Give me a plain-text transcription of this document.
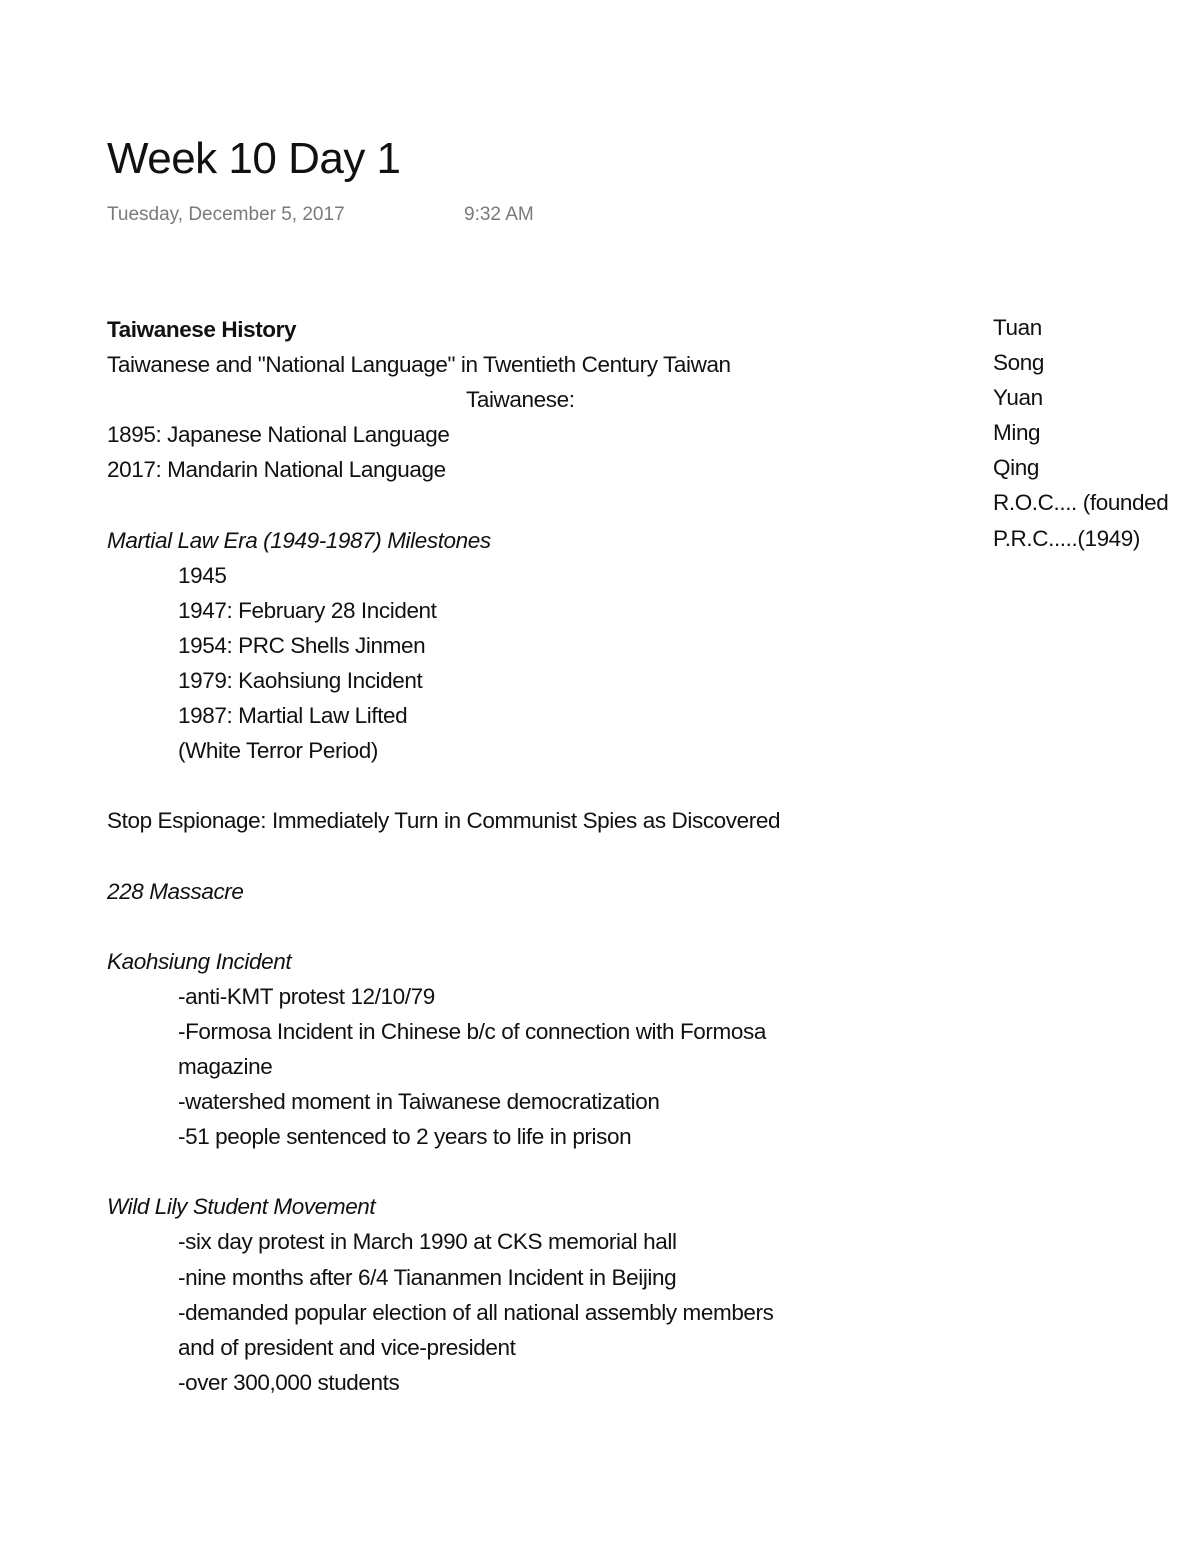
Week 10 Day 1
Tuesday, December 5, 2017	9:32 AM
Taiwanese History
Taiwanese and "National Language" in Twentieth Century Taiwan
Taiwanese:
1895: Japanese National Language
2017: Mandarin National Language
Martial Law Era (1949-1987) Milestones
1945
1947: February 28 Incident
1954: PRC Shells Jinmen
1979: Kaohsiung Incident
1987: Martial Law Lifted
(White Terror Period)
Stop Espionage: Immediately Turn in Communist Spies as Discovered
228 Massacre
Kaohsiung Incident
-anti-KMT protest 12/10/79
-Formosa Incident in Chinese b/c of connection with Formosa
magazine
-watershed moment in Taiwanese democratization
-51 people sentenced to 2 years to life in prison
Wild Lily Student Movement
-six day protest in March 1990 at CKS memorial hall
-nine months after 6/4 Tiananmen Incident in Beijing
-demanded popular election of all national assembly members
and of president and vice-president
-over 300,000 students
Tuan
Song
Yuan
Ming
Qing
R.O.C.... (founded
P.R.C.....(1949)
